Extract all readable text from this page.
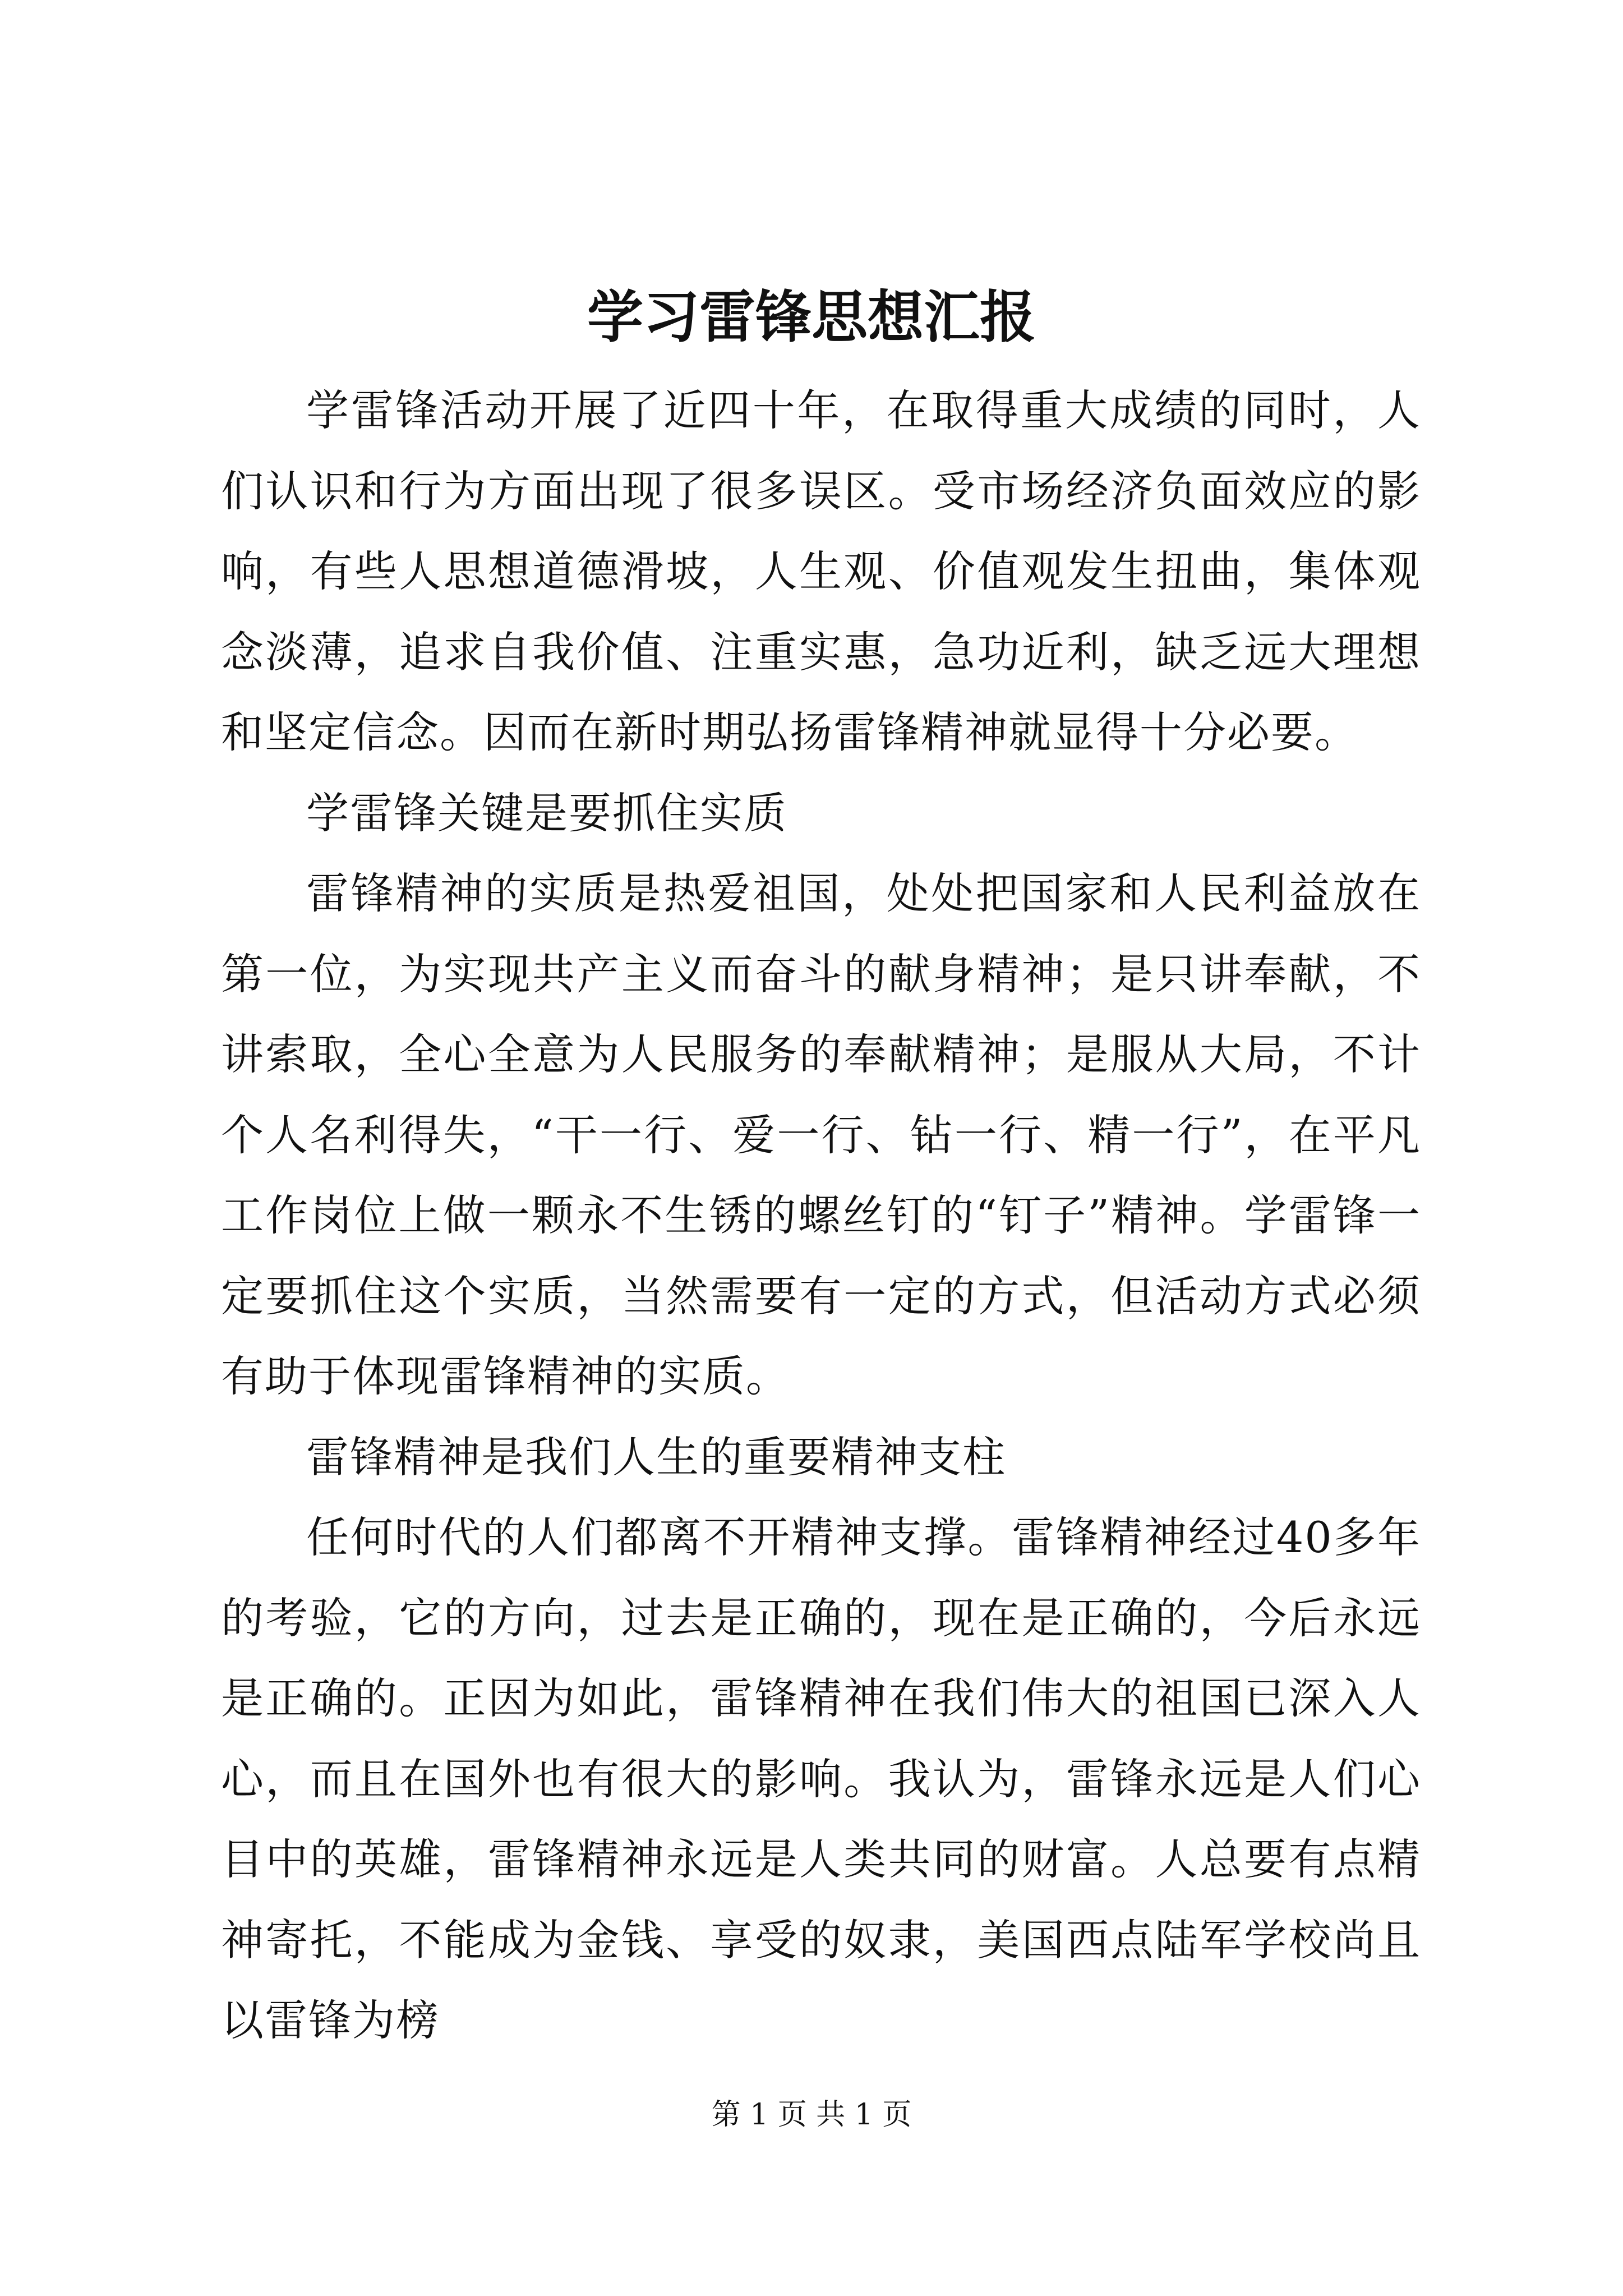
学习雷锋思想汇报

学雷锋活动开展了近四十年，在取得重大成绩的同时，人们认识和行为方面出现了很多误区。受市场经济负面效应的影响，有些人思想道德滑坡，人生观、价值观发生扭曲，集体观念淡薄，追求自我价值、注重实惠，急功近利，缺乏远大理想和坚定信念。因而在新时期弘扬雷锋精神就显得十分必要。

学雷锋关键是要抓住实质

雷锋精神的实质是热爱祖国，处处把国家和人民利益放在第一位，为实现共产主义而奋斗的献身精神；是只讲奉献，不讲索取，全心全意为人民服务的奉献精神；是服从大局，不计个人名利得失，“干一行、爱一行、钻一行、精一行”，在平凡工作岗位上做一颗永不生锈的螺丝钉的“钉子”精神。学雷锋一定要抓住这个实质，当然需要有一定的方式，但活动方式必须有助于体现雷锋精神的实质。

雷锋精神是我们人生的重要精神支柱

任何时代的人们都离不开精神支撑。雷锋精神经过40多年的考验，它的方向，过去是正确的，现在是正确的，今后永远是正确的。正因为如此，雷锋精神在我们伟大的祖国已深入人心，而且在国外也有很大的影响。我认为，雷锋永远是人们心目中的英雄，雷锋精神永远是人类共同的财富。人总要有点精神寄托，不能成为金钱、享受的奴隶，美国西点陆军学校尚且以雷锋为榜

第 1 页 共 1 页
